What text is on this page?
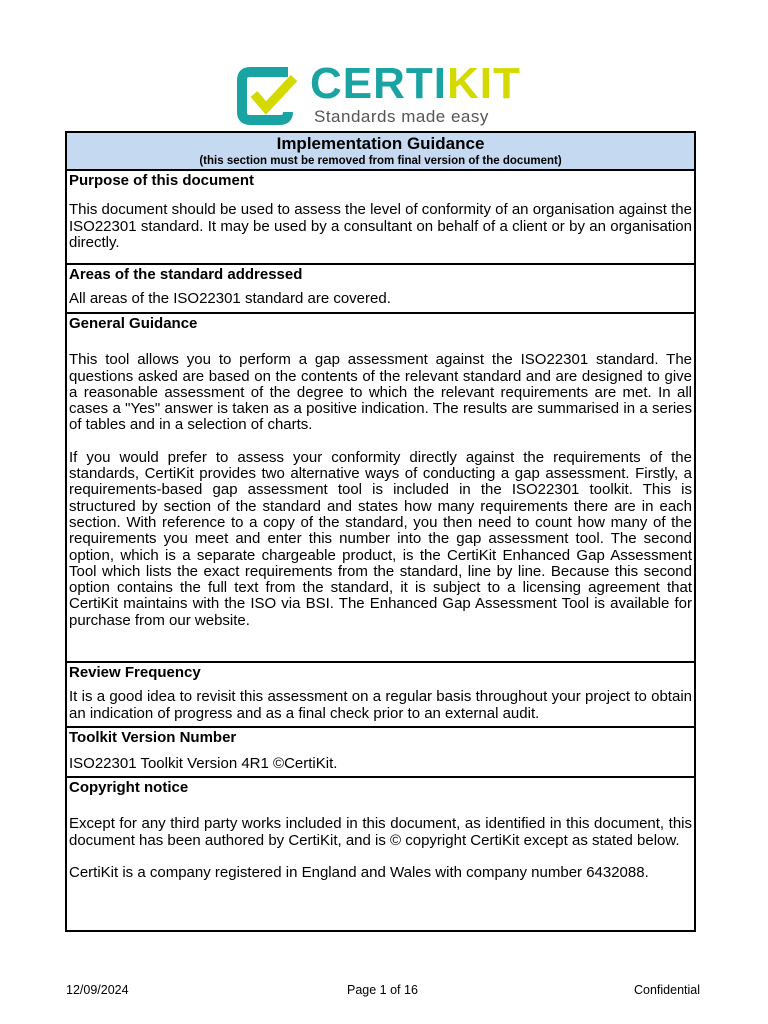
CERTIKIT
Standards made easy
Implementation Guidance
(this section must be removed from final version of the document)

Purpose of this document

This document should be used to assess the level of conformity of an organisation against the ISO22301 standard. It may be used by a consultant on behalf of a client or by an organisation directly.

Areas of the standard addressed

All areas of the ISO22301 standard are covered.

General Guidance

This tool allows you to perform a gap assessment against the ISO22301 standard. The questions asked are based on the contents of the relevant standard and are designed to give a reasonable assessment of the degree to which the relevant requirements are met. In all cases a "Yes" answer is taken as a positive indication. The results are summarised in a series of tables and in a selection of charts.

If you would prefer to assess your conformity directly against the requirements of the standards, CertiKit provides two alternative ways of conducting a gap assessment. Firstly, a requirements-based gap assessment tool is included in the ISO22301 toolkit. This is structured by section of the standard and states how many requirements there are in each section. With reference to a copy of the standard, you then need to count how many of the requirements you meet and enter this number into the gap assessment tool. The second option, which is a separate chargeable product, is the CertiKit Enhanced Gap Assessment Tool which lists the exact requirements from the standard, line by line. Because this second option contains the full text from the standard, it is subject to a licensing agreement that CertiKit maintains with the ISO via BSI. The Enhanced Gap Assessment Tool is available for purchase from our website.

Review Frequency

It is a good idea to revisit this assessment on a regular basis throughout your project to obtain an indication of progress and as a final check prior to an external audit.

Toolkit Version Number

ISO22301 Toolkit Version 4R1 ©CertiKit.

Copyright notice

Except for any third party works included in this document, as identified in this document, this document has been authored by CertiKit, and is © copyright CertiKit except as stated below.

CertiKit is a company registered in England and Wales with company number 6432088.

12/09/2024	Page 1 of 16	Confidential
